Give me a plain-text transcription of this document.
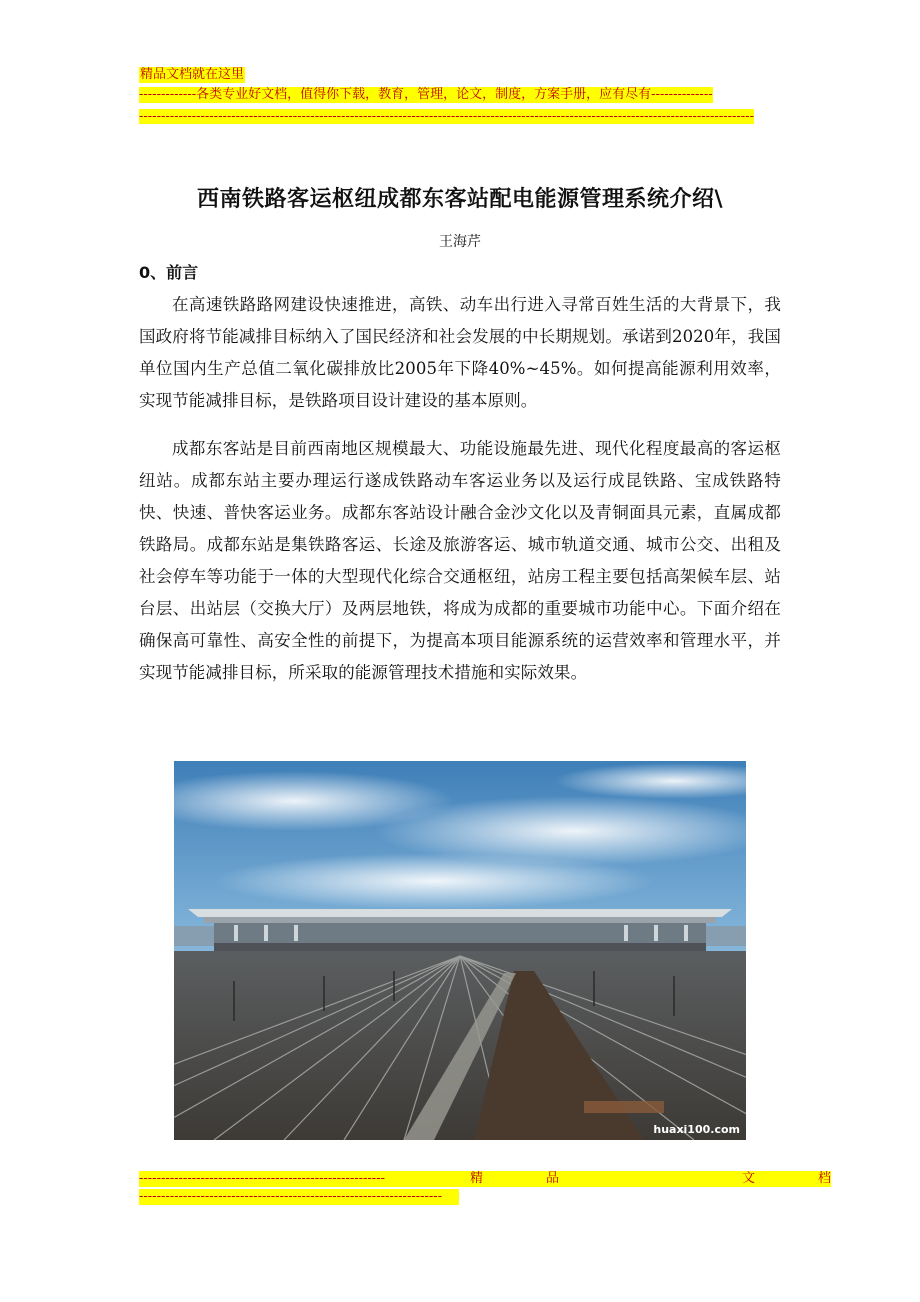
精品文档就在这里
-------------各类专业好文档，值得你下载，教育，管理，论文，制度，方案手册，应有尽有--------------
--------------------------------------------------------------------------------------------------------------------------------------------
西南铁路客运枢纽成都东客站配电能源管理系统介绍\
王海芹
0、前言

在高速铁路路网建设快速推进，高铁、动车出行进入寻常百姓生活的大背景下，我国政府将节能减排目标纳入了国民经济和社会发展的中长期规划。承诺到2020年，我国单位国内生产总值二氧化碳排放比2005年下降40%~45%。如何提高能源利用效率，实现节能减排目标，是铁路项目设计建设的基本原则。

成都东客站是目前西南地区规模最大、功能设施最先进、现代化程度最高的客运枢纽站。成都东站主要办理运行遂成铁路动车客运业务以及运行成昆铁路、宝成铁路特快、快速、普快客运业务。成都东客站设计融合金沙文化以及青铜面具元素，直属成都铁路局。成都东站是集铁路客运、长途及旅游客运、城市轨道交通、城市公交、出租及社会停车等功能于一体的大型现代化综合交通枢纽，站房工程主要包括高架候车层、站台层、出站层（交换大厅）及两层地铁，将成为成都的重要城市功能中心。下面介绍在确保高可靠性、高安全性的前提下，为提高本项目能源系统的运营效率和管理水平，并实现节能减排目标，所采取的能源管理技术措施和实际效果。

huaxi100.com
--------------------------------------------------------	精	品	文	档
---------------------------------------------------------------------
